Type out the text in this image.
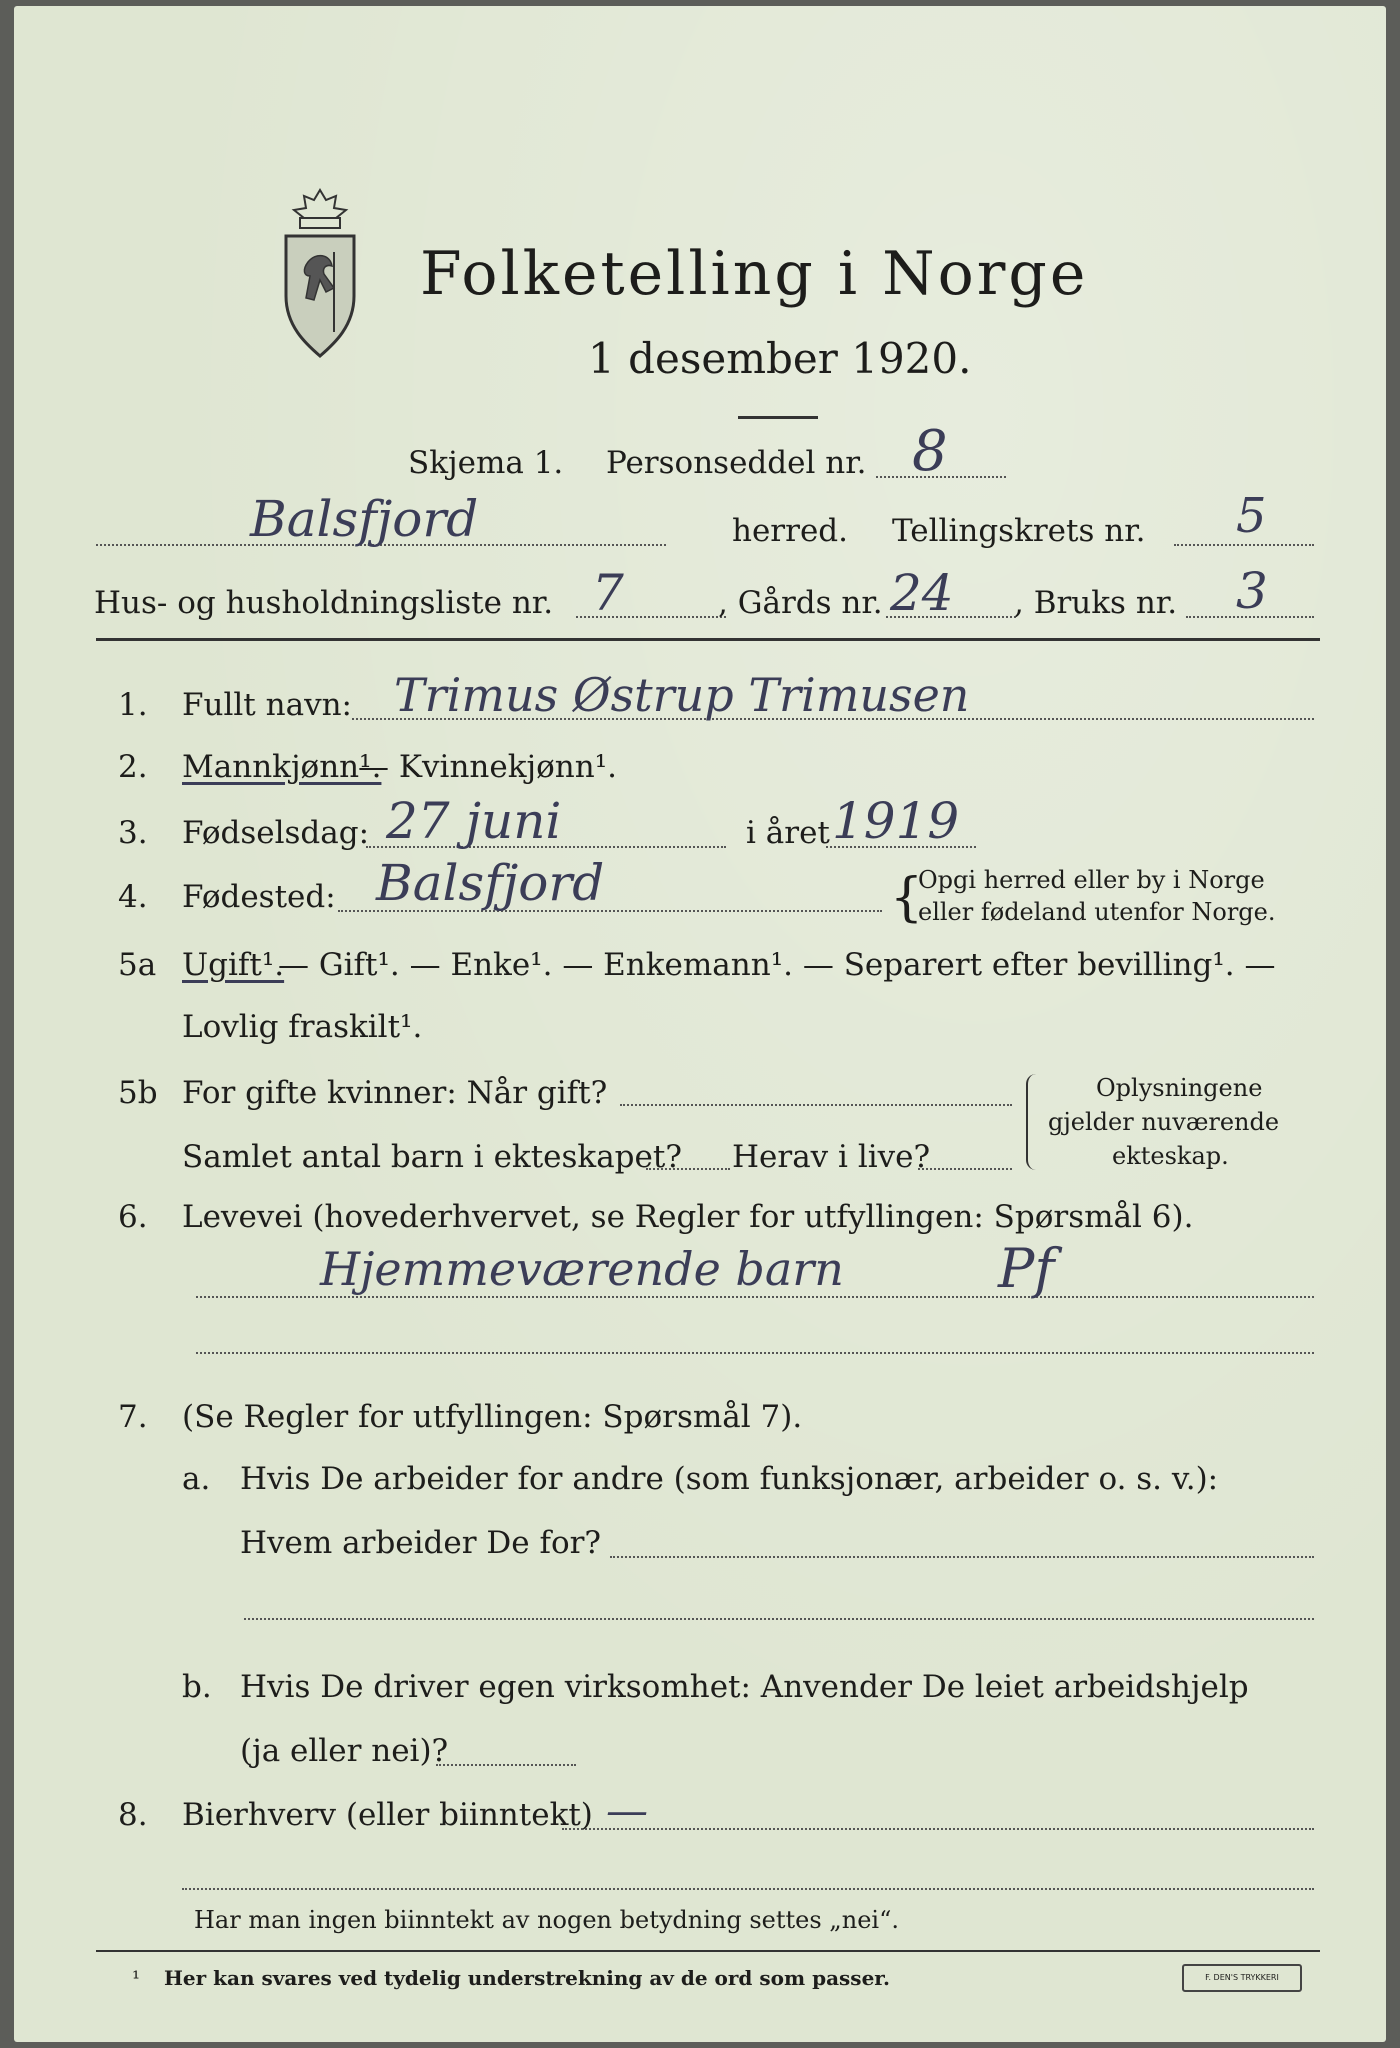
Folketelling i Norge
1 desember 1920.
Skjema 1. Personseddel nr. 8
Balsfjord	herred. Tellingskrets nr. 5
Hus- og husholdningsliste nr. 7	, Gårds nr. 24 , Bruks nr. 3
1. Fullt navn: Trimus Østrup Trimusen
2. Mannkjønn¹.
— Kvinnekjønn¹.
3. Fødselsdag: 27 juni	i året 1919
4. Fødested: Balsfjord	{
Opgi herred eller by i Norge
eller fødeland utenfor Norge.
5a Ugift¹.
— Gift¹. — Enke¹. — Enkemann¹. — Separert efter bevilling¹. —
Lovlig fraskilt¹.
5b For gifte kvinner: Når gift?
Samlet antal barn i ekteskapet? Herav i live?
Oplysningene
gjelder nuværende
ekteskap.
6. Levevei (hovederhvervet, se Regler for utfyllingen: Spørsmål 6).
Hjemmeværende barn	Pf
7. (Se Regler for utfyllingen: Spørsmål 7).
a. Hvis De arbeider for andre (som funksjonær, arbeider o. s. v.):
Hvem arbeider De for?
b. Hvis De driver egen virksomhet: Anvender De leiet arbeidshjelp
(ja eller nei)?
8. Bierhverv (eller biinntekt) —
Har man ingen biinntekt av nogen betydning settes „nei“.
¹ Her kan svares ved tydelig understrekning av de ord som passer.	F. DEN'S TRYKKERI
